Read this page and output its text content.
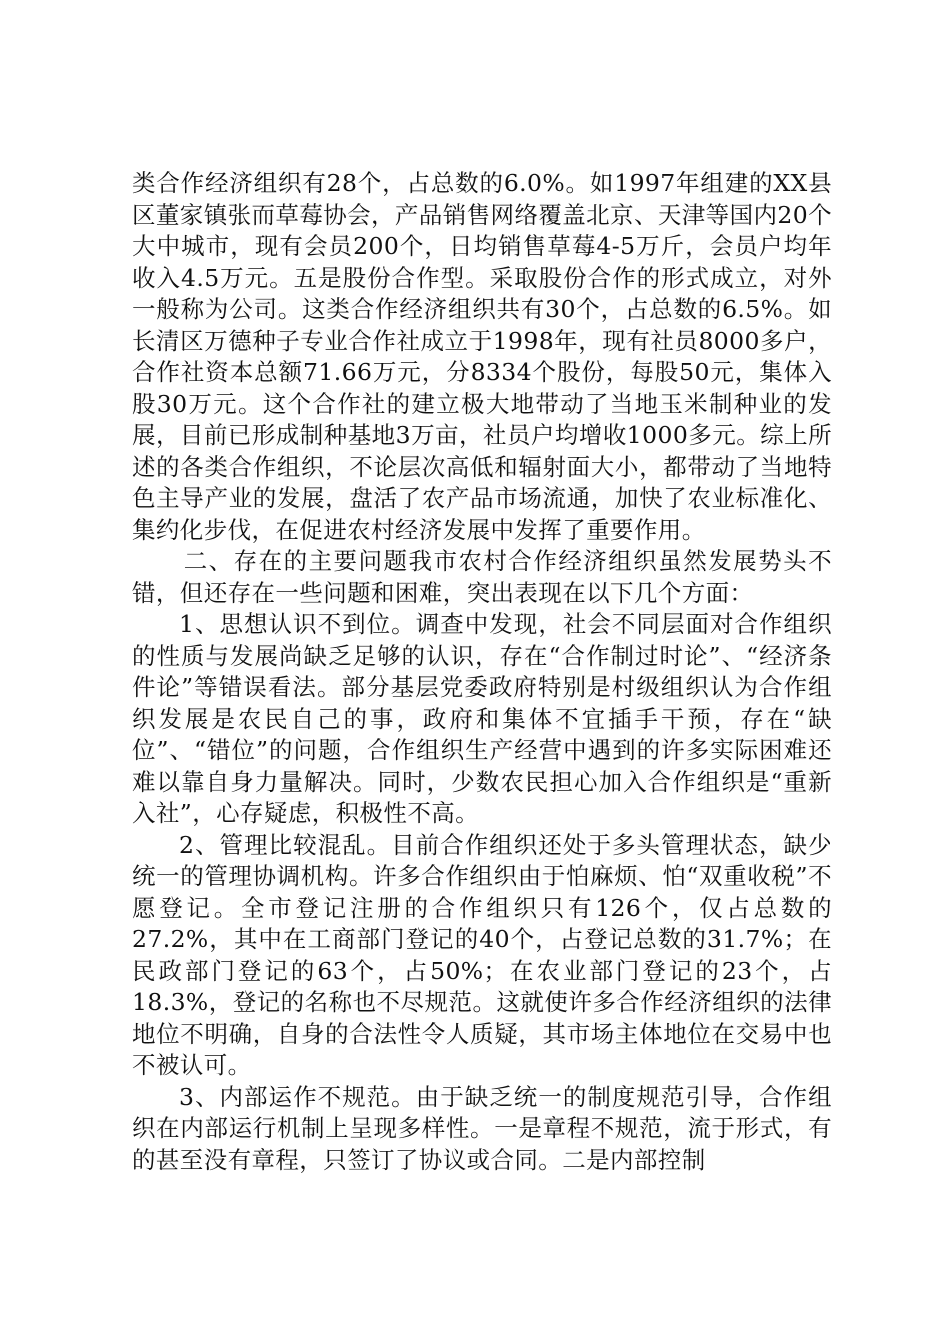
类合作经济组织有28个，占总数的6.0%。如1997年组建的XX县区董家镇张而草莓协会，产品销售网络覆盖北京、天津等国内20个大中城市，现有会员200个，日均销售草莓4-5万斤，会员户均年收入4.5万元。五是股份合作型。采取股份合作的形式成立，对外一般称为公司。这类合作经济组织共有30个，占总数的6.5%。如长清区万德种子专业合作社成立于1998年，现有社员8000多户，合作社资本总额71.66万元，分8334个股份，每股50元，集体入股30万元。这个合作社的建立极大地带动了当地玉米制种业的发展，目前已形成制种基地3万亩，社员户均增收1000多元。综上所述的各类合作组织，不论层次高低和辐射面大小，都带动了当地特色主导产业的发展，盘活了农产品市场流通，加快了农业标准化、集约化步伐，在促进农村经济发展中发挥了重要作用。

二、存在的主要问题我市农村合作经济组织虽然发展势头不错，但还存在一些问题和困难，突出表现在以下几个方面：

1、思想认识不到位。调查中发现，社会不同层面对合作组织的性质与发展尚缺乏足够的认识，存在“合作制过时论”、“经济条件论”等错误看法。部分基层党委政府特别是村级组织认为合作组织发展是农民自己的事，政府和集体不宜插手干预，存在“缺位”、“错位”的问题，合作组织生产经营中遇到的许多实际困难还难以靠自身力量解决。同时，少数农民担心加入合作组织是“重新入社”，心存疑虑，积极性不高。

2、管理比较混乱。目前合作组织还处于多头管理状态，缺少统一的管理协调机构。许多合作组织由于怕麻烦、怕“双重收税”不愿登记。全市登记注册的合作组织只有126个，仅占总数的27.2%，其中在工商部门登记的40个，占登记总数的31.7%；在民政部门登记的63个，占50%；在农业部门登记的23个，占18.3%，登记的名称也不尽规范。这就使许多合作经济组织的法律地位不明确，自身的合法性令人质疑，其市场主体地位在交易中也不被认可。

3、内部运作不规范。由于缺乏统一的制度规范引导，合作组织在内部运行机制上呈现多样性。一是章程不规范，流于形式，有的甚至没有章程，只签订了协议或合同。二是内部控制
